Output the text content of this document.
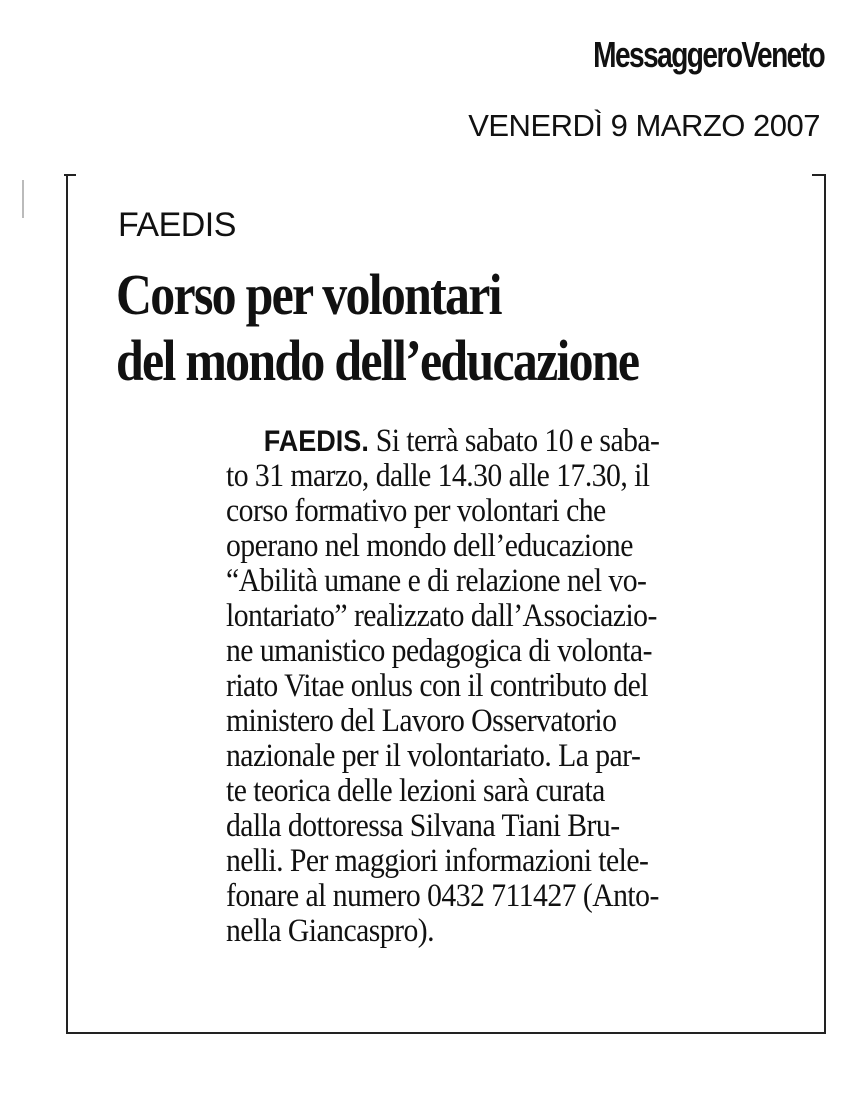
MessaggeroVeneto
VENERDÌ 9 MARZO 2007
FAEDIS
Corso per volontari
del mondo dell’educazione
FAEDIS. Si terrà sabato 10 e saba-
to 31 marzo, dalle 14.30 alle 17.30, il
corso formativo per volontari che
operano nel mondo dell’educazione
“Abilità umane e di relazione nel vo-
lontariato” realizzato dall’Associazio-
ne umanistico pedagogica di volonta-
riato Vitae onlus con il contributo del
ministero del Lavoro Osservatorio
nazionale per il volontariato. La par-
te teorica delle lezioni sarà curata
dalla dottoressa Silvana Tiani Bru-
nelli. Per maggiori informazioni tele-
fonare al numero 0432 711427 (Anto-
nella Giancaspro).
